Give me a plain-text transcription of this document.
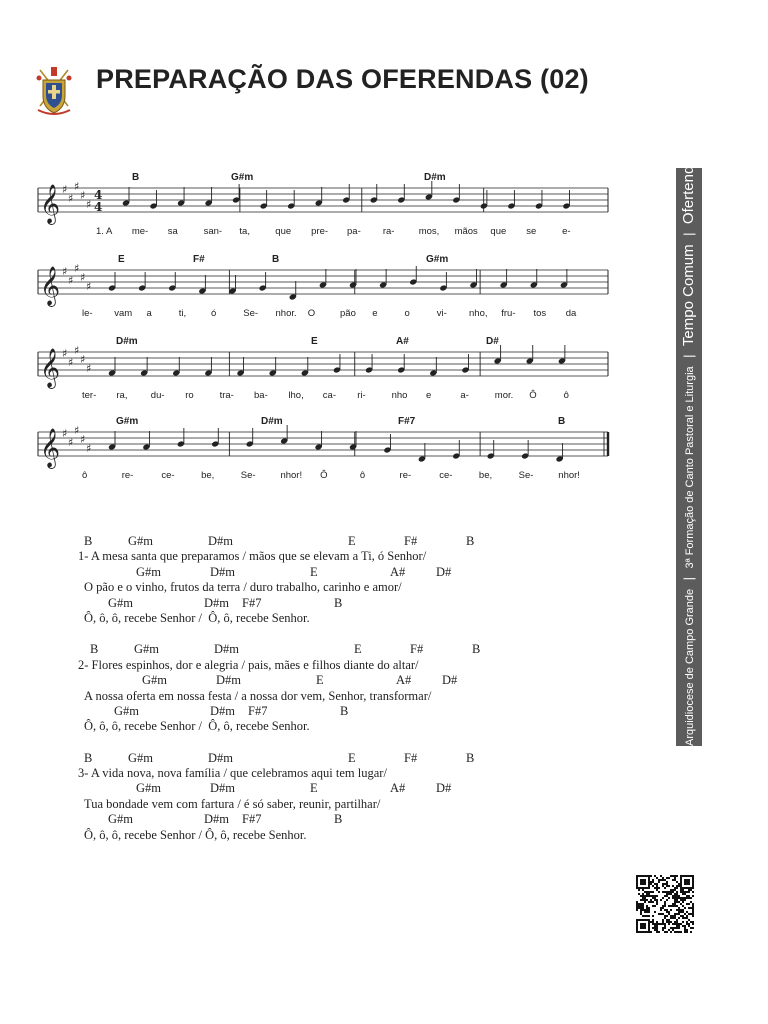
PREPARAÇÃO DAS OFERENDAS (02)
Arquidiocese de Campo Grande | 3ª Formação de Canto Pastoral e Liturgia | Tempo Comum | Ofertendas
𝄞 ♯
♯
♯
♯
♯
4
4
B	G#m	D#m
1. A me- sa	san- ta,	que pre- pa- ra-	mos, mãos que se	e-
𝄞 ♯
♯
♯
♯
♯
E	F#	B	G#m
le- vam a	ti,	ó	Se- nhor. O	pão e	o	vi- nho, fru- tos da
𝄞 ♯
♯
♯
♯
♯
D#m	E	A#	D#
ter- ra, du- ro	tra- ba- lho, ca- ri-	nho e	a-	mor. Ô	ô
𝄞 ♯
♯
♯
♯
♯
G#m	D#m	F#7	B
ô	re-	ce-	be,	Se-	nhor! Ô	ô	re-	ce-	be,	Se-	nhor!
B	G#m	D#m	E	F#	B
1- A mesa santa que preparamos / mãos que se elevam a Ti, ó Senhor/
G#m	D#m	E	A# D#
O pão e o vinho, frutos da terra / duro trabalho, carinho e amor/
G#m	D#m F#7	B
Ô, ô, ô, recebe Senhor /  Ô, ô, recebe Senhor.
B	G#m	D#m	E	F#	B
2- Flores espinhos, dor e alegria / pais, mães e filhos diante do altar/
G#m	D#m	E	A# D#
A nossa oferta em nossa festa / a nossa dor vem, Senhor, transformar/
G#m	D#m F#7	B
Ô, ô, ô, recebe Senhor /  Ô, ô, recebe Senhor.
B	G#m	D#m	E	F#	B
3- A vida nova, nova família / que celebramos aqui tem lugar/
G#m	D#m	E	A# D#
Tua bondade vem com fartura / é só saber, reunir, partilhar/
G#m	D#m F#7	B
Ô, ô, ô, recebe Senhor / Ô, ô, recebe Senhor.
